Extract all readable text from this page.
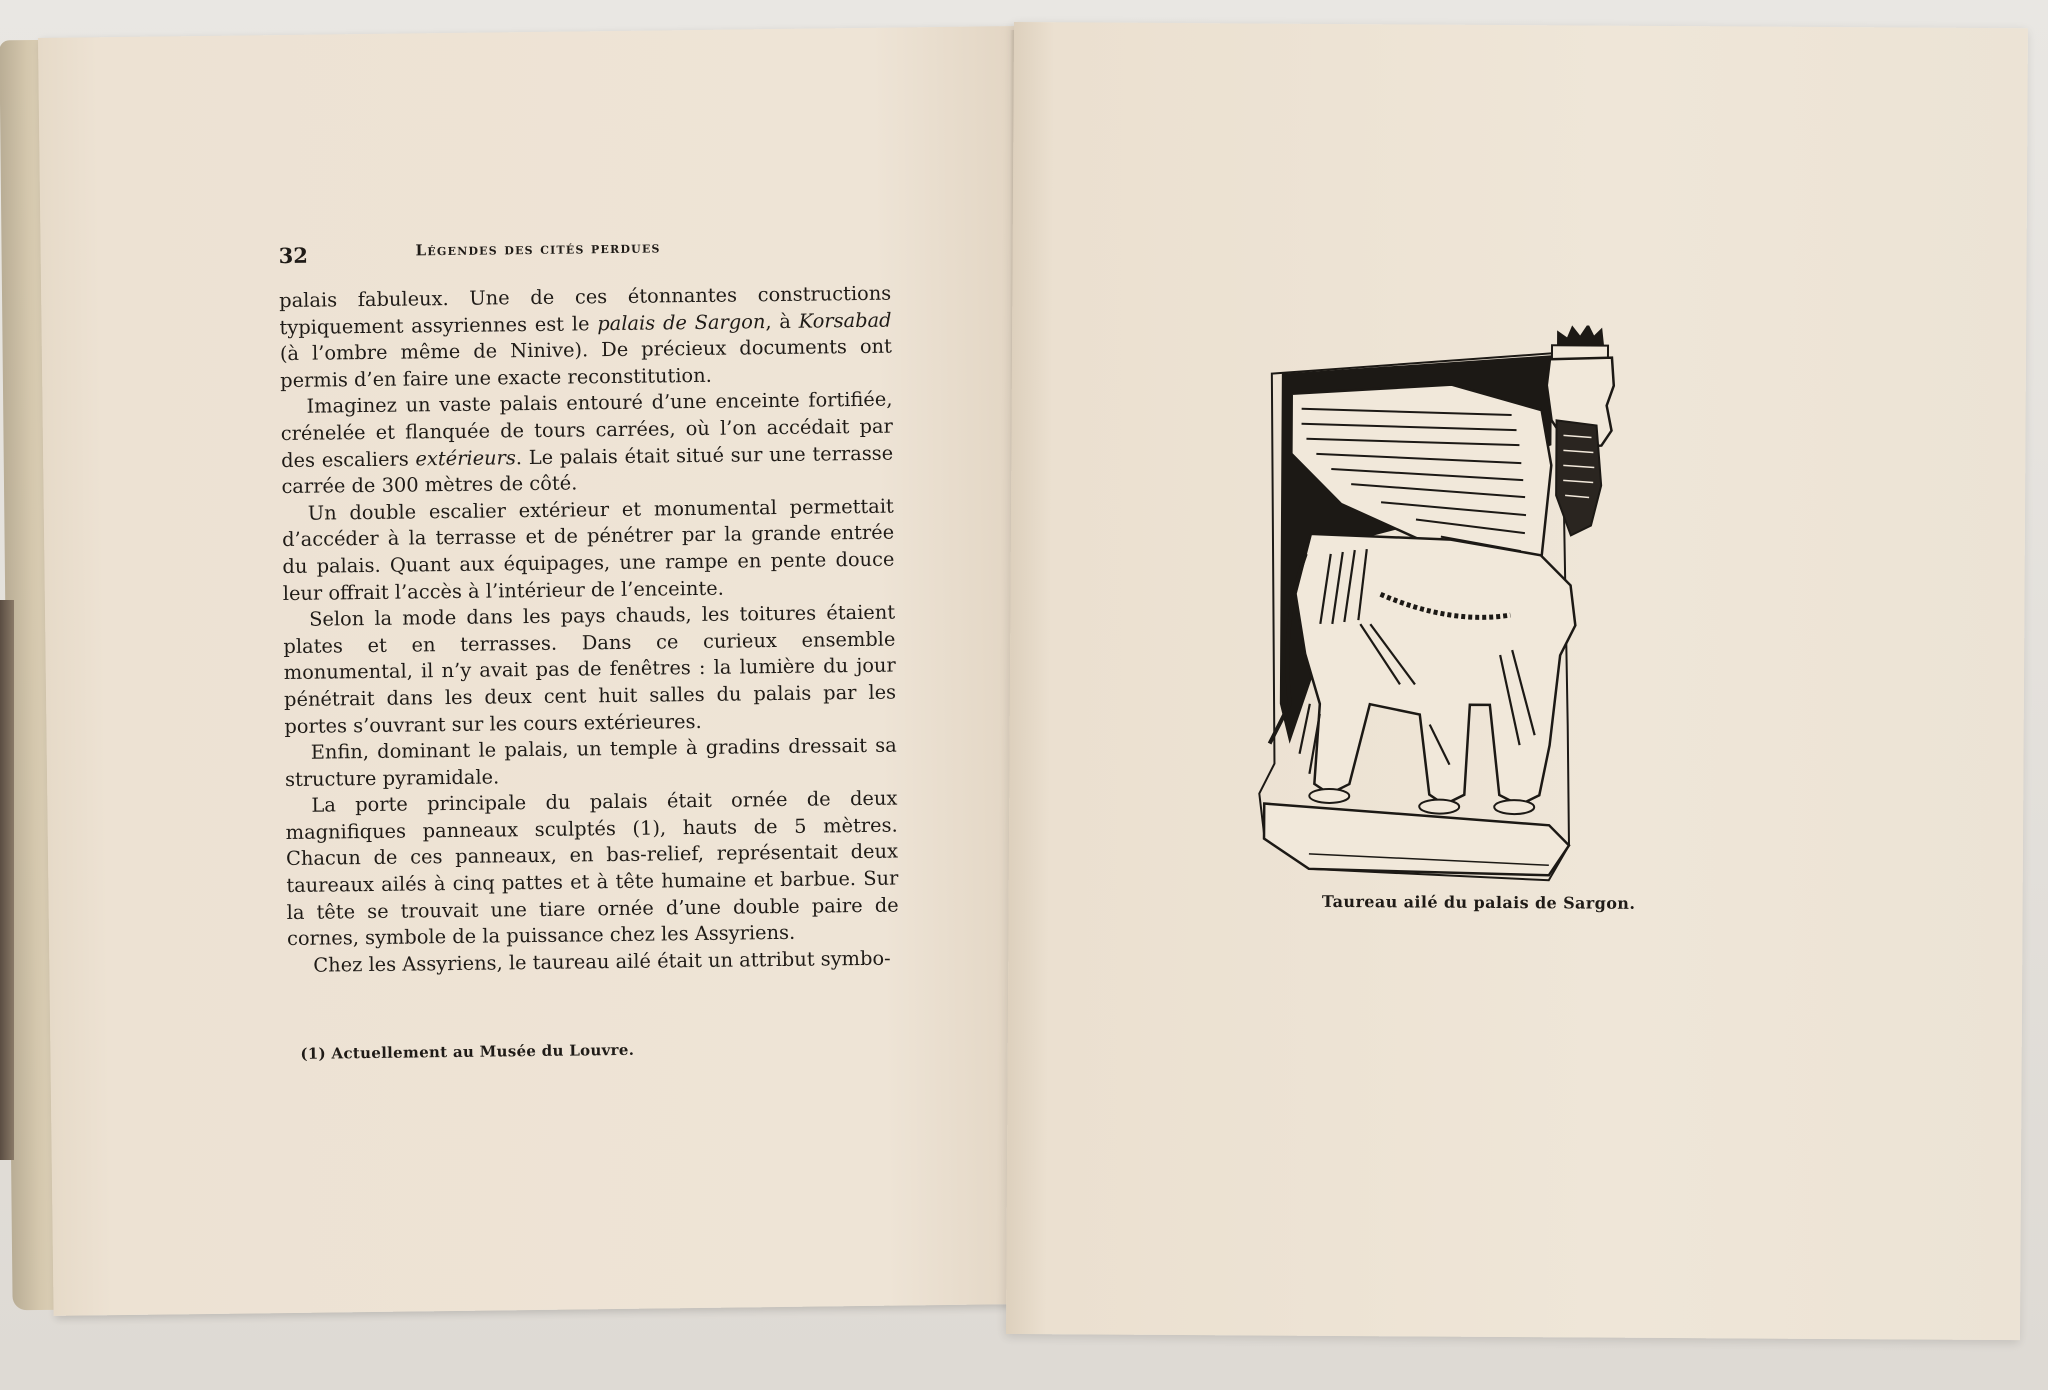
32	Légendes des cités perdues

palais fabuleux. Une de ces étonnantes constructions typiquement assyriennes est le palais de Sargon, à Korsabad (à l’ombre même de Ninive). De précieux documents ont permis d’en faire une exacte reconstitution.

Imaginez un vaste palais entouré d’une enceinte fortifiée, crénelée et flanquée de tours carrées, où l’on accédait par des escaliers extérieurs. Le palais était situé sur une terrasse carrée de 300 mètres de côté.

Un double escalier extérieur et monumental permettait d’accéder à la terrasse et de pénétrer par la grande entrée du palais. Quant aux équipages, une rampe en pente douce leur offrait l’accès à l’intérieur de l’enceinte.

Selon la mode dans les pays chauds, les toitures étaient plates et en terrasses. Dans ce curieux ensemble monumental, il n’y avait pas de fenêtres : la lumière du jour pénétrait dans les deux cent huit salles du palais par les portes s’ouvrant sur les cours extérieures.

Enfin, dominant le palais, un temple à gradins dressait sa structure pyramidale.

La porte principale du palais était ornée de deux magnifiques panneaux sculptés (1), hauts de 5 mètres. Chacun de ces panneaux, en bas-relief, représentait deux taureaux ailés à cinq pattes et à tête humaine et barbue. Sur la tête se trouvait une tiare ornée d’une double paire de cornes, symbole de la puissance chez les Assyriens.

Chez les Assyriens, le taureau ailé était un attribut symbo-

(1) Actuellement au Musée du Louvre.
Taureau ailé du palais de Sargon.
